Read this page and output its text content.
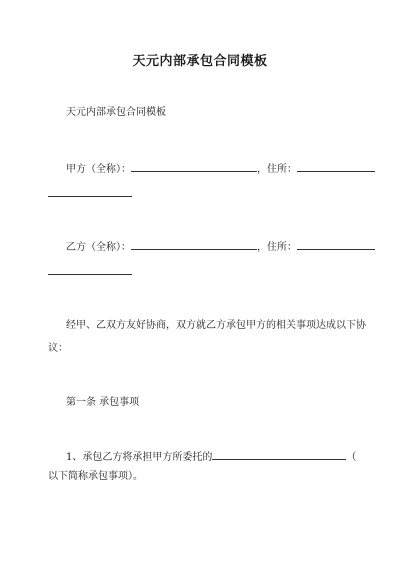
天元内部承包合同模板
天元内部承包合同模板
甲方（全称）：	，住所：
乙方（全称）：	，住所：
经甲、乙双方友好协商，双方就乙方承包甲方的相关事项达成以下协
议：
第一条 承包事项
1、承包乙方将承担甲方所委托的	（
以下简称承包事项）。
